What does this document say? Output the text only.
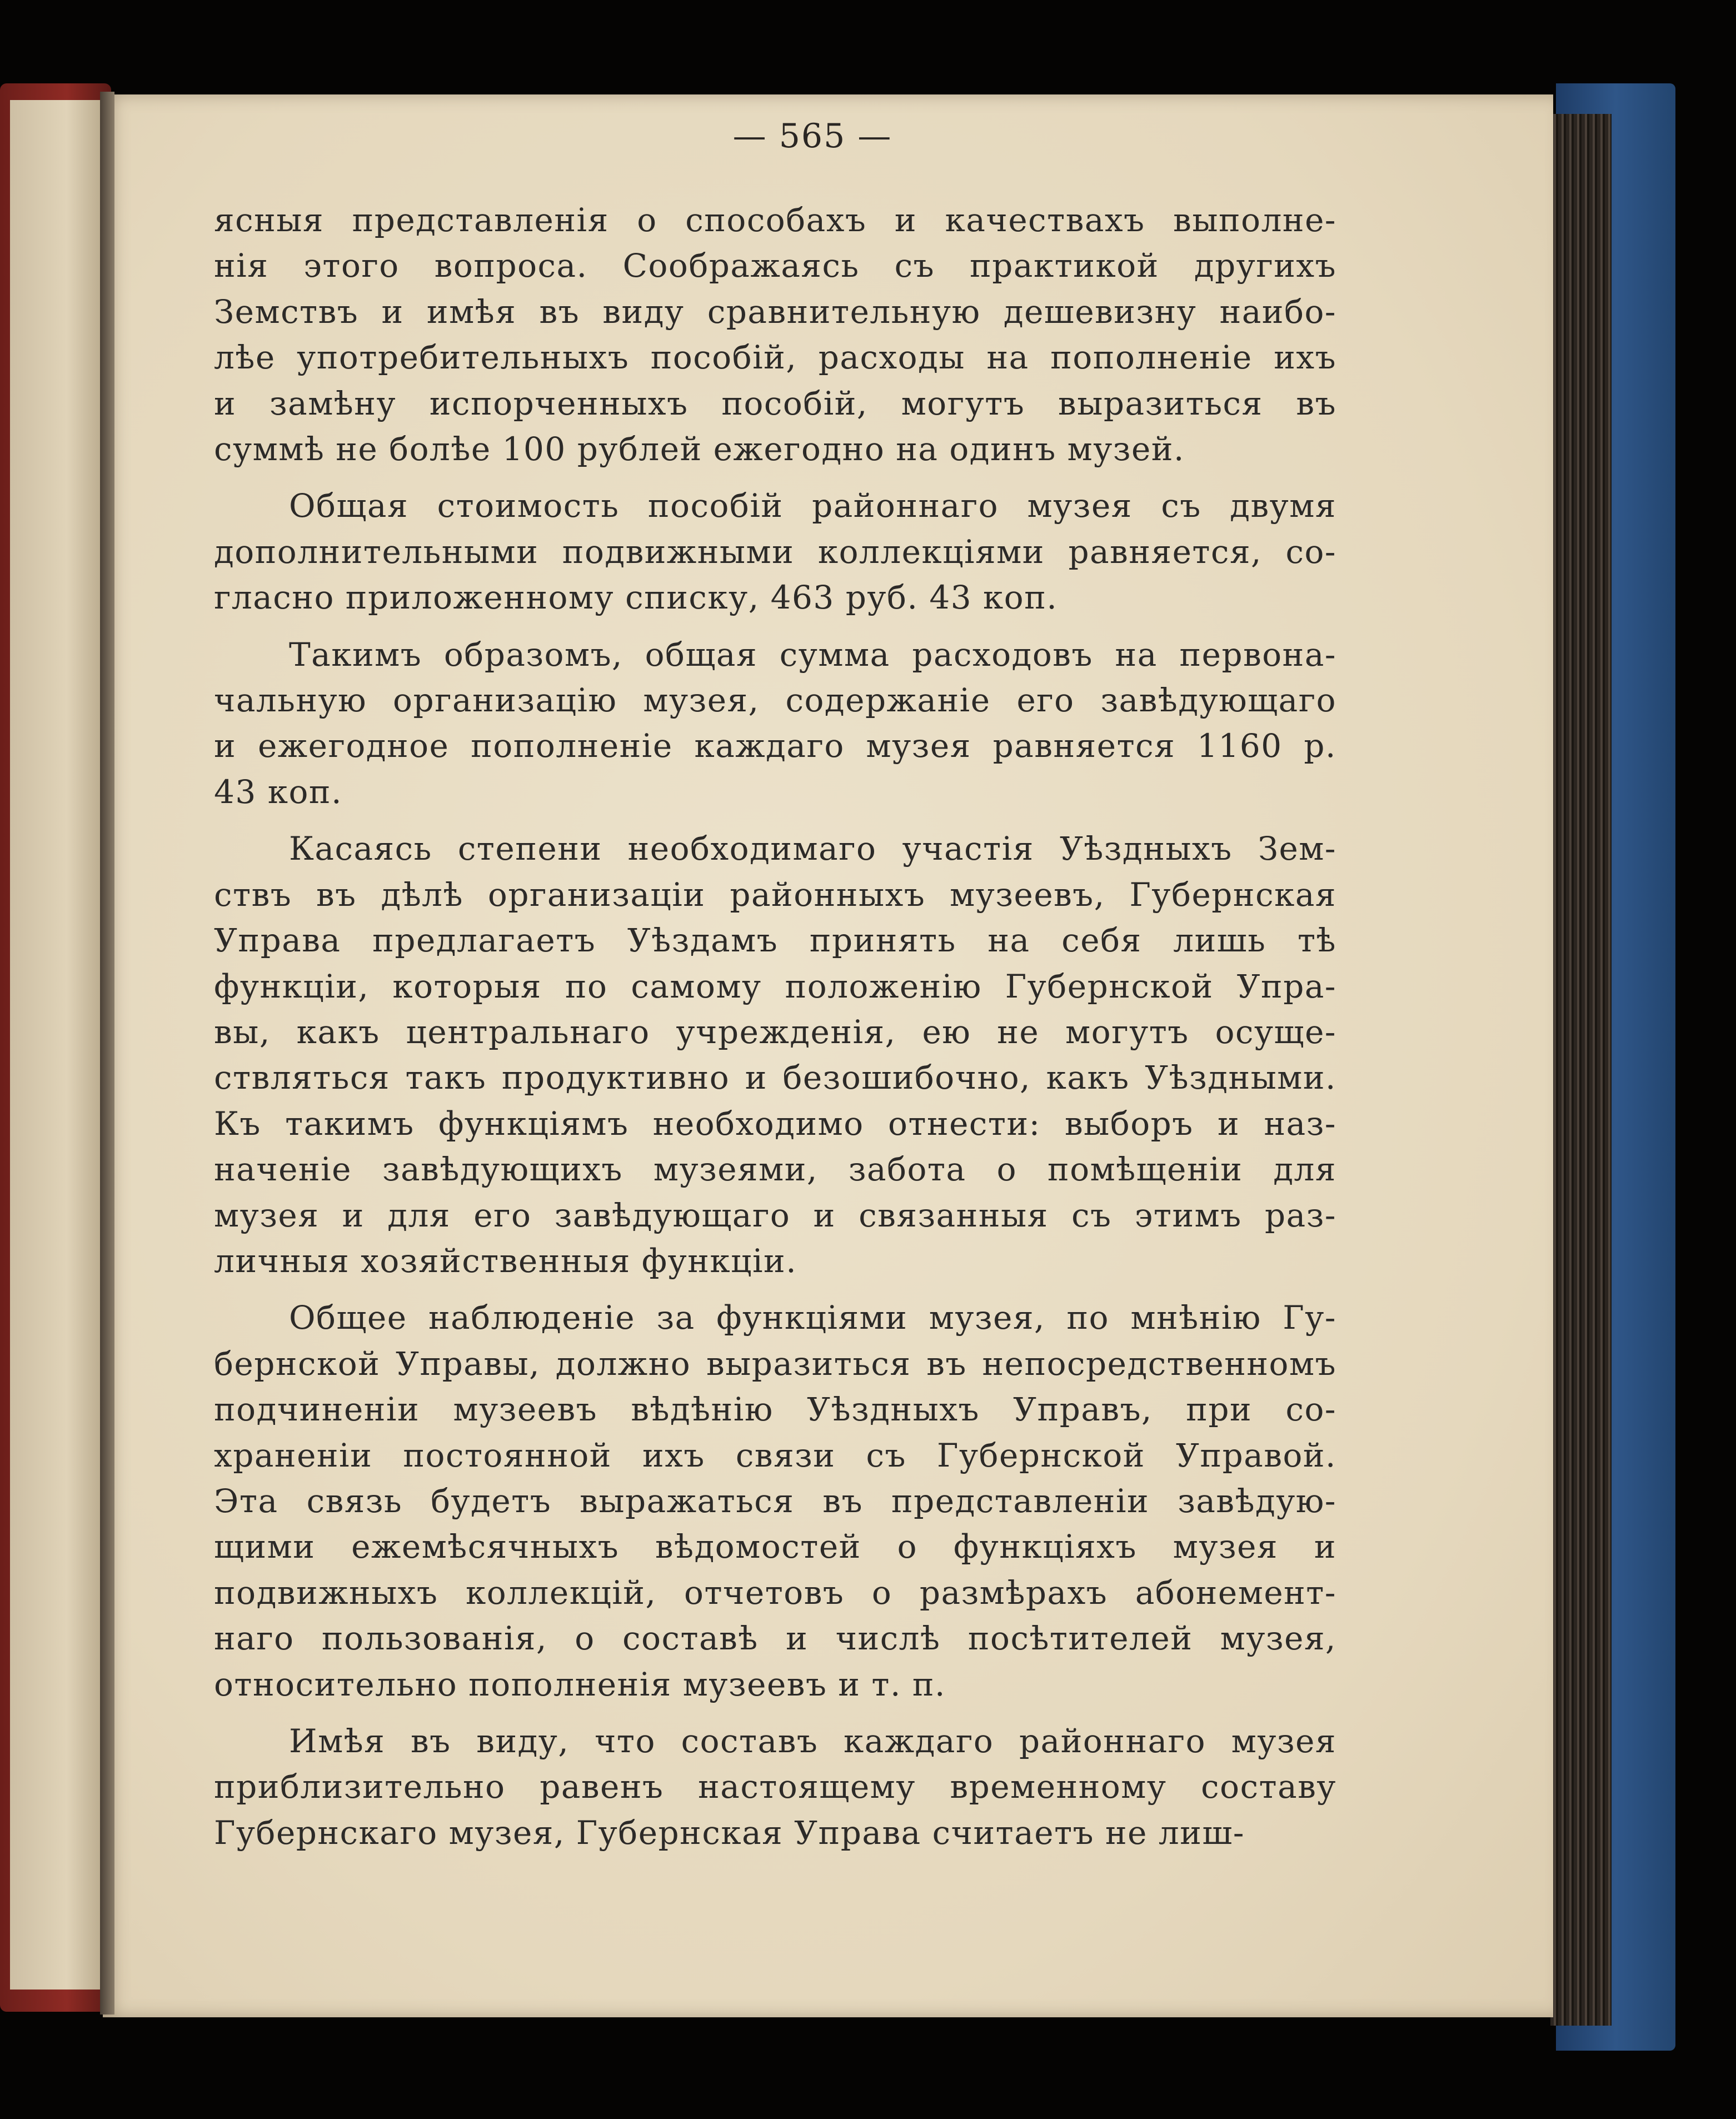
— 565 —
ясныя представленія о способахъ и качествахъ выполне-
нія этого вопроса. Соображаясь съ практикой другихъ
Земствъ и имѣя въ виду сравнительную дешевизну наибо-
лѣе употребительныхъ пособій, расходы на пополненіе ихъ
и замѣну испорченныхъ пособій, могутъ выразиться въ
суммѣ не болѣе 100 рублей ежегодно на одинъ музей.
Общая стоимость пособій районнаго музея съ двумя
дополнительными подвижными коллекціями равняется, со-
гласно приложенному списку, 463 руб. 43 коп.
Такимъ образомъ, общая сумма расходовъ на первона-
чальную организацію музея, содержаніе его завѣдующаго
и ежегодное пополненіе каждаго музея равняется 1160 р.
43 коп.
Касаясь степени необходимаго участія Уѣздныхъ Зем-
ствъ въ дѣлѣ организаціи районныхъ музеевъ, Губернская
Управа предлагаетъ Уѣздамъ принять на себя лишь тѣ
функціи, которыя по самому положенію Губернской Упра-
вы, какъ центральнаго учрежденія, ею не могутъ осуще-
ствляться такъ продуктивно и безошибочно, какъ Уѣздными.
Къ такимъ функціямъ необходимо отнести: выборъ и наз-
наченіе завѣдующихъ музеями, забота о помѣщеніи для
музея и для его завѣдующаго и связанныя съ этимъ раз-
личныя хозяйственныя функціи.
Общее наблюденіе за функціями музея, по мнѣнію Гу-
бернской Управы, должно выразиться въ непосредственномъ
подчиненіи музеевъ вѣдѣнію Уѣздныхъ Управъ, при со-
храненіи постоянной ихъ связи съ Губернской Управой.
Эта связь будетъ выражаться въ представленіи завѣдую-
щими ежемѣсячныхъ вѣдомостей о функціяхъ музея и
подвижныхъ коллекцій, отчетовъ о размѣрахъ абонемент-
наго пользованія, о составѣ и числѣ посѣтителей музея,
относительно пополненія музеевъ и т. п.
Имѣя въ виду, что составъ каждаго районнаго музея
приблизительно равенъ настоящему временному составу
Губернскаго музея, Губернская Управа считаетъ не лиш-
